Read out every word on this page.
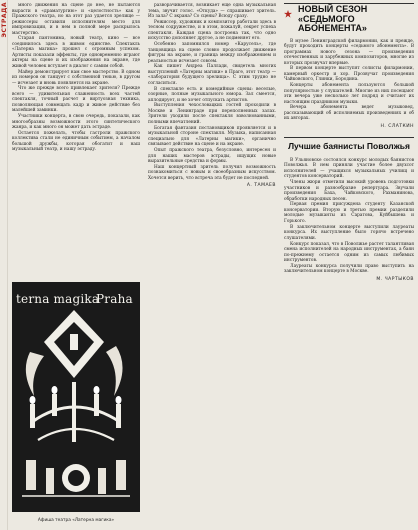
ЭСТРАДА	много движения на сцене до нее, не пытаются вырасти в «драматургию» и «целостность» как у Пражского театра, но на этот раз удается зрелище — режиссеры оставили исполнителям место для импровизации, и в нем в полной мере раскрылось мастерство.

Старая пантомима, новый театр, кино — все соединилось здесь в живом единстве. Спектакль «Латерна магика» прошел с огромным успехом. Артисты показали эффекты, где одновременно играют актеры на сцене и их изображения на экране, где живой человек вступает в диалог с самим собой.

Майер демонстрирует нам свое мастерство. В одном из номеров он танцует с собственной тенью, в другом — исчезает и вновь появляется на экране.

Что же прежде всего привлекает зрителя? Прежде всего — удивительная слаженность всех частей спектакля, точный расчет и виртуозная техника, позволяющая совмещать кадр и живое действие без малейшей заминки.

Участники концерта, в свою очередь, показали, как многообразны возможности этого синтетического жанра, и как много он может дать эстраде.

Остается пожелать, чтобы гастроли пражского коллектива стали не единичным событием, а началом большой дружбы, которая обогатит и наш музыкальный театр, и нашу эстраду.

terna magika
Praha
Афиша театра «Латерна магика»

разворачивается, возникает еще одна музыкальная тема, звучит голос. «Откуда» — спрашивает зритель. Из зала? С экрана? Со сцены? Всюду сразу.

Режиссер, художник и композитор работали здесь в тесном содружестве, и в этом, пожалуй, секрет успеха спектакля. Каждая сцена построена так, что одно искусство дополняет другое, а не подменяет его.

Особенно запомнился номер «Карусель», где танцовщица на сцене словно продолжает движение фигуры на экране, и граница между изображением и реальностью исчезает совсем.

Как пишет Андреа Паллади, свидетель многих выступлений «Латерны магики» в Праге, этот театр — «лаборатория будущего зрелища». С этим трудно не согласиться.

В спектакле есть и комедийные сцены: веселые, озорные, полные музыкального юмора. Зал смеется, аплодирует, и не хочет отпускать артистов.

Выступления чехословацких гостей проходили в Москве и Ленинграде при переполненных залах. Зрители уходили после спектакля взволнованными, полными впечатлений.

Богатая фантазия постановщиков проявляется и в музыкальной стороне спектакля. Музыка, написанная специально для «Латерны магики», органично связывает действие на сцене и на экране.

Опыт пражского театра, безусловно, интересен и для наших мастеров эстрады, ищущих новые выразительные средства и формы.

Наш концертный зритель получил возможность познакомиться с новым и своеобразным искусством. Хочется верить, что встреча эта будет не последней.

А. ТАМАЕВ
НОВЫЙ СЕЗОН «СЕДЬМОГО АБОНЕМЕНТА»

В музее Ленинградской филармонии, как и прежде, будут проходить концерты «седьмого абонемента». В программах нового сезона — произведения отечественных и зарубежных композиторов, многие из которых прозвучат впервые.

В первом концерте выступят солисты филармонии, камерный оркестр и хор. Прозвучат произведения Чайковского, Глинки, Бородина.

Концерты абонемента пользуются большой популярностью у слушателей. Многие из них посещают эти вечера уже несколько лет подряд и считают их настоящим праздником музыки.

Вечера абонемента ведет музыковед, рассказывающий об исполняемых произведениях и об их авторах.

Н. СЛАТКИН
Лучшие баянисты Поволжья

В Ульяновске состоялся конкурс молодых баянистов Поволжья. В нем приняли участие более двухсот исполнителей — учащихся музыкальных училищ и студентов консерваторий.

Члены жюри отметили высокий уровень подготовки участников и разнообразие репертуара. Звучали произведения Баха, Чайковского, Рахманинова, обработки народных песен.

Первая премия присуждена студенту Казанской консерватории. Вторую и третью премии разделили молодые музыканты из Саратова, Куйбышева и Горького.

В заключительном концерте выступили лауреаты конкурса. Их выступление было горячо встречено слушателями.

Конкурс показал, что в Поволжье растет талантливая смена исполнителей на народных инструментах, а баян по-прежнему остается одним из самых любимых инструментов.

Лауреаты конкурса получили право выступить на заключительном концерте в Москве.

М. ЧАРТЫКОВ
